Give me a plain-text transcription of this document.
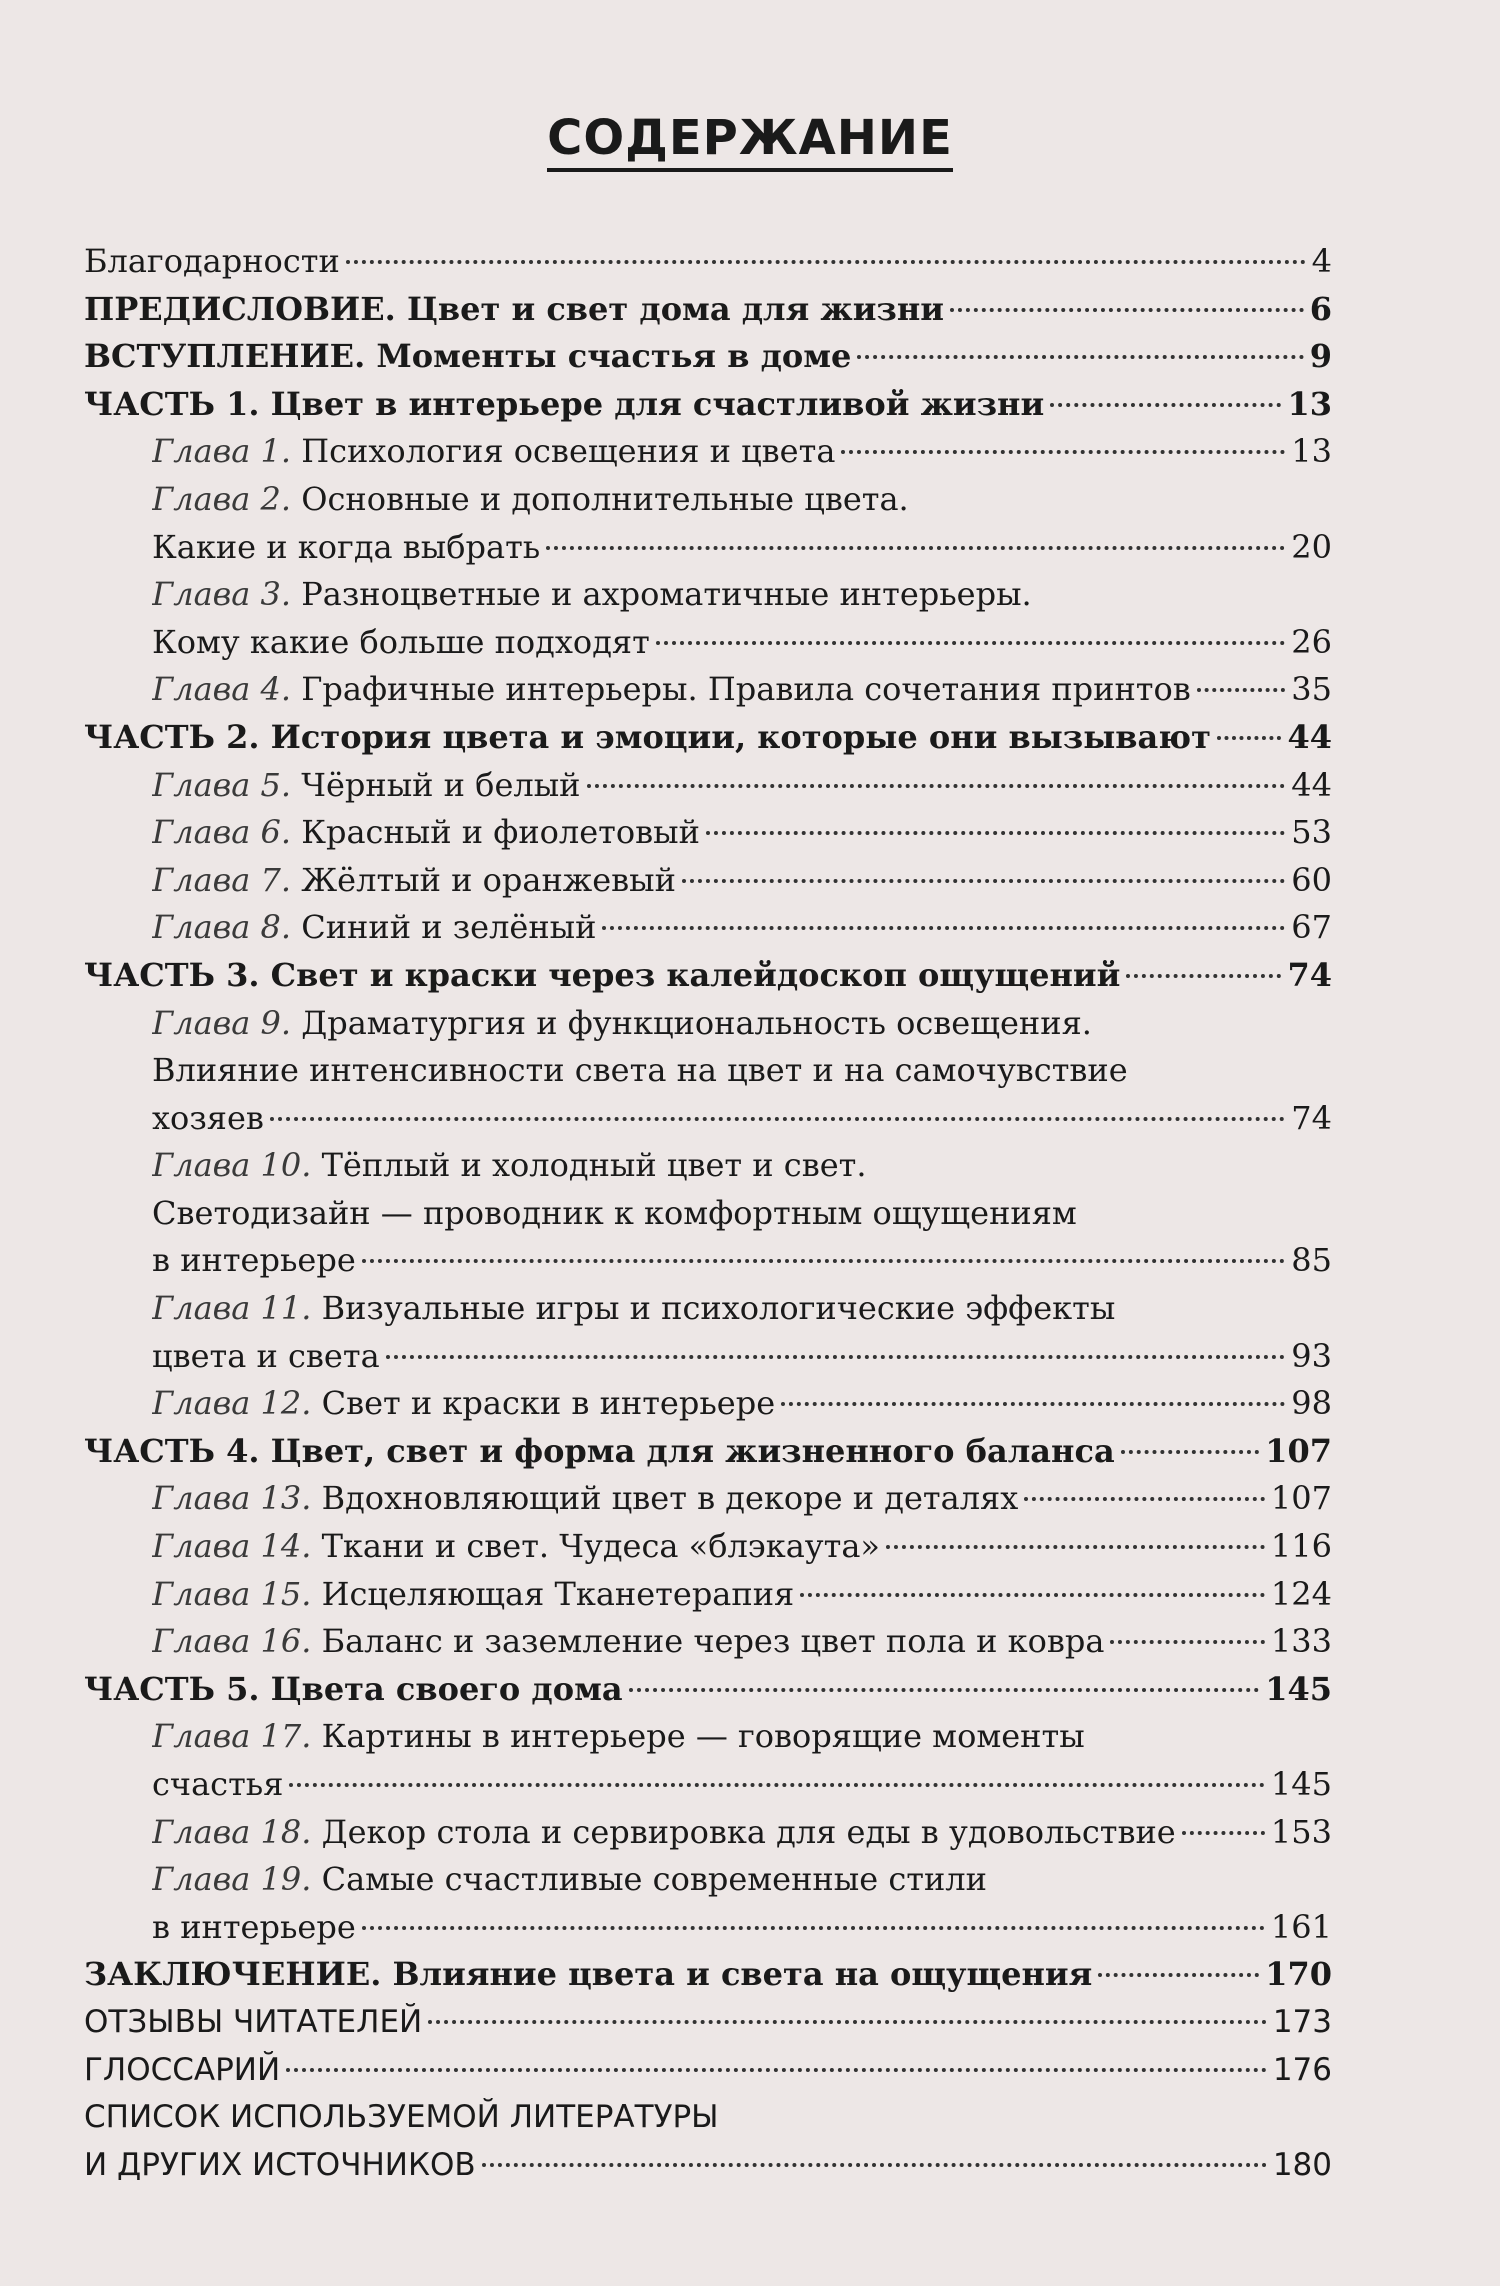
СОДЕРЖАНИЕ
Благодарности	4
ПРЕДИСЛОВИЕ. Цвет и свет дома для жизни	6
ВСТУПЛЕНИЕ. Моменты счастья в доме	9
ЧАСТЬ 1. Цвет в интерьере для счастливой жизни	13
Глава 1. Психология освещения и цвета	13
Глава 2. Основные и дополнительные цвета.
Какие и когда выбрать	20
Глава 3. Разноцветные и ахроматичные интерьеры.
Кому какие больше подходят	26
Глава 4. Графичные интерьеры. Правила сочетания принтов	35
ЧАСТЬ 2. История цвета и эмоции, которые они вызывают 44
Глава 5. Чёрный и белый	44
Глава 6. Красный и фиолетовый	53
Глава 7. Жёлтый и оранжевый	60
Глава 8. Синий и зелёный	67
ЧАСТЬ 3. Свет и краски через калейдоскоп ощущений	74
Глава 9. Драматургия и функциональность освещения.
Влияние интенсивности света на цвет и на самочувствие
хозяев	74
Глава 10. Тёплый и холодный цвет и свет.
Светодизайн — проводник к комфортным ощущениям
в интерьере	85
Глава 11. Визуальные игры и психологические эффекты
цвета и света	93
Глава 12. Свет и краски в интерьере	98
ЧАСТЬ 4. Цвет, свет и форма для жизненного баланса	107
Глава 13. Вдохновляющий цвет в декоре и деталях	107
Глава 14. Ткани и свет. Чудеса «блэкаута»	116
Глава 15. Исцеляющая Тканетерапия	124
Глава 16. Баланс и заземление через цвет пола и ковра	133
ЧАСТЬ 5. Цвета своего дома	145
Глава 17. Картины в интерьере — говорящие моменты
счастья	145
Глава 18. Декор стола и сервировка для еды в удовольствие	153
Глава 19. Самые счастливые современные стили
в интерьере	161
ЗАКЛЮЧЕНИЕ. Влияние цвета и света на ощущения	170
ОТЗЫВЫ ЧИТАТЕЛЕЙ	173
ГЛОССАРИЙ	176
СПИСОК ИСПОЛЬЗУЕМОЙ ЛИТЕРАТУРЫ
И ДРУГИХ ИСТОЧНИКОВ	180
